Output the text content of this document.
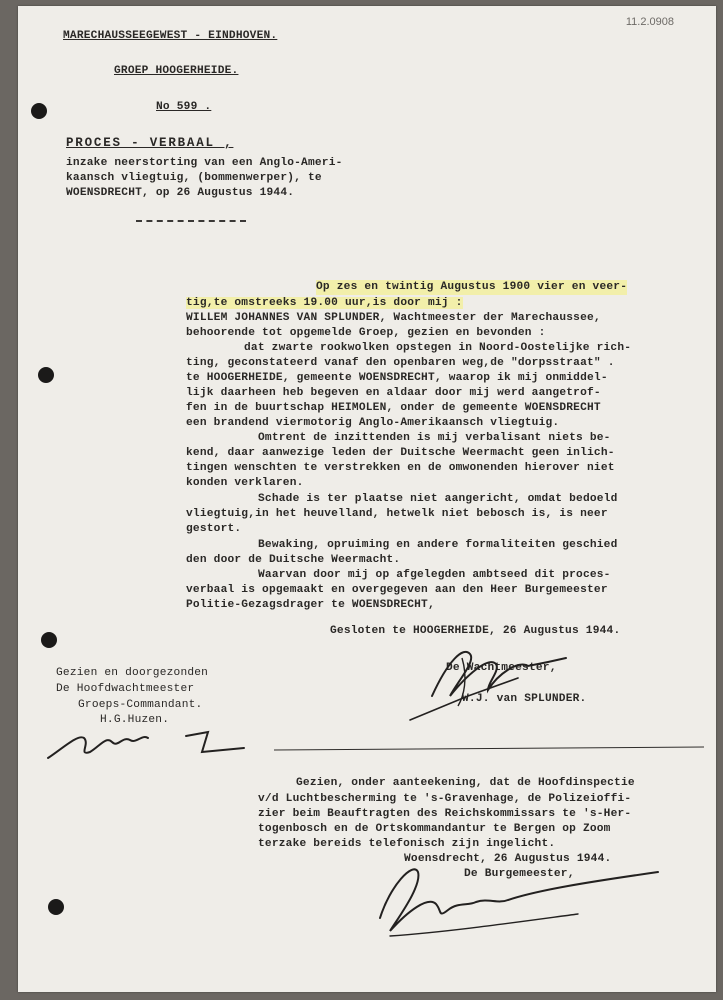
11.2.0908
MARECHAUSSEEGEWEST - EINDHOVEN.
GROEP HOOGERHEIDE.
No 599 .
PROCES - VERBAAL ,
inzake neerstorting van een Anglo-Ameri-
kaansch vliegtuig, (bommenwerper), te
WOENSDRECHT, op 26 Augustus 1944.
Op zes en twintig Augustus 1900 vier en veer-
tig,te omstreeks 19.00 uur,is door mij :
WILLEM JOHANNES VAN SPLUNDER, Wachtmeester der Marechaussee,
behoorende tot opgemelde Groep, gezien en bevonden :
dat zwarte rookwolken opstegen in Noord-Oostelijke rich-
ting, geconstateerd vanaf den openbaren weg,de "dorpsstraat" .
te HOOGERHEIDE, gemeente WOENSDRECHT, waarop ik mij onmiddel-
lijk daarheen heb begeven en aldaar door mij werd aangetrof-
fen in de buurtschap HEIMOLEN, onder de gemeente WOENSDRECHT
een brandend viermotorig Anglo-Amerikaansch vliegtuig.
Omtrent de inzittenden is mij verbalisant niets be-
kend, daar aanwezige leden der Duitsche Weermacht geen inlich-
tingen wenschten te verstrekken en de omwonenden hierover niet
konden verklaren.
Schade is ter plaatse niet aangericht, omdat bedoeld
vliegtuig,in het heuvelland, hetwelk niet bebosch is, is neer
gestort.
Bewaking, opruiming en andere formaliteiten geschied
den door de Duitsche Weermacht.
Waarvan door mij op afgelegden ambtseed dit proces-
verbaal is opgemaakt en overgegeven aan den Heer Burgemeester
Politie-Gezagsdrager te WOENSDRECHT,
Gesloten te HOOGERHEIDE, 26 Augustus 1944.
De Wachtmeester,
W.J. van SPLUNDER.
Gezien en doorgezonden
De Hoofdwachtmeester
Groeps-Commandant.
H.G.Huzen.
Gezien, onder aanteekening, dat de Hoofdinspectie
v/d Luchtbescherming te 's-Gravenhage, de Polizeioffi-
zier beim Beauftragten des Reichskommissars te 's-Her-
togenbosch en de Ortskommandantur te Bergen op Zoom
terzake bereids telefonisch zijn ingelicht.
Woensdrecht, 26 Augustus 1944.
De Burgemeester,
